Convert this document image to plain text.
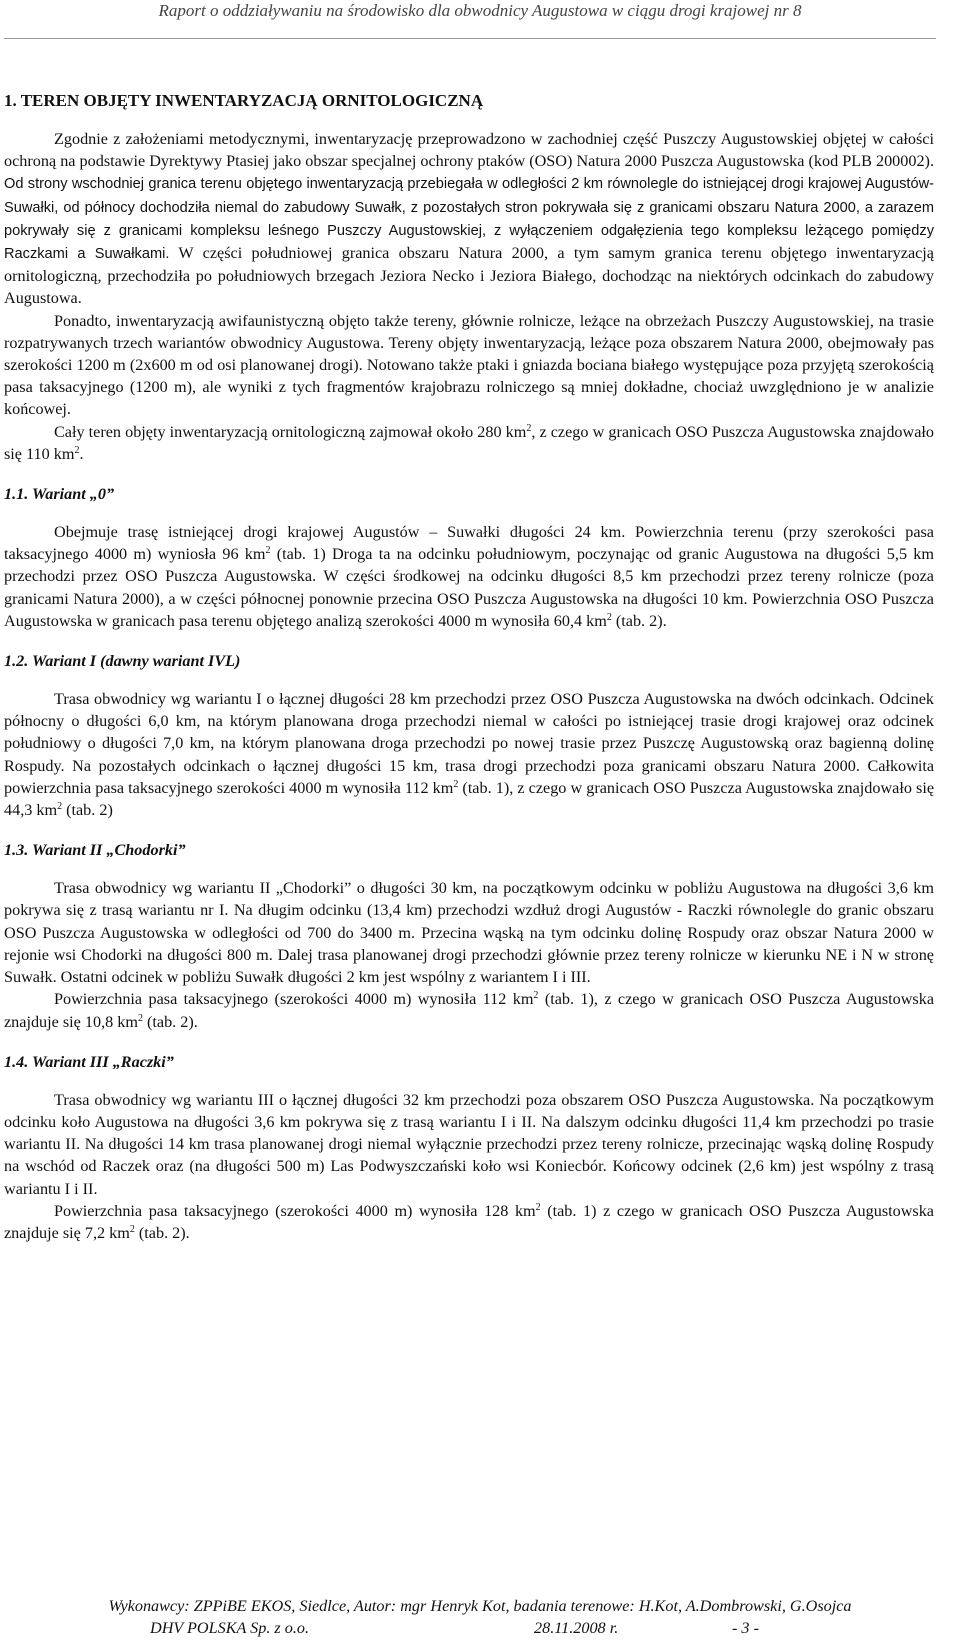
Raport o oddziaływaniu na środowisko dla obwodnicy Augustowa w ciągu drogi krajowej nr 8
1. TEREN OBJĘTY INWENTARYZACJĄ ORNITOLOGICZNĄ

Zgodnie z założeniami metodycznymi, inwentaryzację przeprowadzono w zachodniej część Puszczy Augustowskiej objętej w całości ochroną na podstawie Dyrektywy Ptasiej jako obszar specjalnej ochrony ptaków (OSO) Natura 2000 Puszcza Augustowska (kod PLB 200002). Od strony wschodniej granica terenu objętego inwentaryzacją przebiegała w odległości 2 km równolegle do istniejącej drogi krajowej Augustów-Suwałki, od północy dochodziła niemal do zabudowy Suwałk, z pozostałych stron pokrywała się z granicami obszaru Natura 2000, a zarazem pokrywały się z granicami kompleksu leśnego Puszczy Augustowskiej, z wyłączeniem odgałęzienia tego kompleksu leżącego pomiędzy Raczkami a Suwałkami. W części południowej granica obszaru Natura 2000, a tym samym granica terenu objętego inwentaryzacją ornitologiczną, przechodziła po południowych brzegach Jeziora Necko i Jeziora Białego, dochodząc na niektórych odcinkach do zabudowy Augustowa.

Ponadto, inwentaryzacją awifaunistyczną objęto także tereny, głównie rolnicze, leżące na obrzeżach Puszczy Augustowskiej, na trasie rozpatrywanych trzech wariantów obwodnicy Augustowa. Tereny objęty inwentaryzacją, leżące poza obszarem Natura 2000, obejmowały pas szerokości 1200 m (2x600 m od osi planowanej drogi). Notowano także ptaki i gniazda bociana białego występujące poza przyjętą szerokością pasa taksacyjnego (1200 m), ale wyniki z tych fragmentów krajobrazu rolniczego są mniej dokładne, chociaż uwzględniono je w analizie końcowej.

Cały teren objęty inwentaryzacją ornitologiczną zajmował około 280 $km^2$, z czego w granicach OSO Puszcza Augustowska znajdowało się 110 $km^2$.

1.1. Wariant „0”

Obejmuje trasę istniejącej drogi krajowej Augustów – Suwałki długości 24 km. Powierzchnia terenu (przy szerokości pasa taksacyjnego 4000 m) wyniosła 96 $km^2$ (tab. 1) Droga ta na odcinku południowym, poczynając od granic Augustowa na długości 5,5 km przechodzi przez OSO Puszcza Augustowska. W części środkowej na odcinku długości 8,5 km przechodzi przez tereny rolnicze (poza granicami Natura 2000), a w części północnej ponownie przecina OSO Puszcza Augustowska na długości 10 km. Powierzchnia OSO Puszcza Augustowska w granicach pasa terenu objętego analizą szerokości 4000 m wynosiła 60,4 $km^2$ (tab. 2).

1.2. Wariant I (dawny wariant IVL)

Trasa obwodnicy wg wariantu I o łącznej długości 28 km przechodzi przez OSO Puszcza Augustowska na dwóch odcinkach. Odcinek północny o długości 6,0 km, na którym planowana droga przechodzi niemal w całości po istniejącej trasie drogi krajowej oraz odcinek południowy o długości 7,0 km, na którym planowana droga przechodzi po nowej trasie przez Puszczę Augustowską oraz bagienną dolinę Rospudy. Na pozostałych odcinkach o łącznej długości 15 km, trasa drogi przechodzi poza granicami obszaru Natura 2000. Całkowita powierzchnia pasa taksacyjnego szerokości 4000 m wynosiła 112 $km^2$ (tab. 1), z czego w granicach OSO Puszcza Augustowska znajdowało się 44,3 $km^2$ (tab. 2)

1.3. Wariant II „Chodorki”

Trasa obwodnicy wg wariantu II „Chodorki” o długości 30 km, na początkowym odcinku w pobliżu Augustowa na długości 3,6 km pokrywa się z trasą wariantu nr I. Na długim odcinku (13,4 km) przechodzi wzdłuż drogi Augustów - Raczki równolegle do granic obszaru OSO Puszcza Augustowska w odległości od 700 do 3400 m. Przecina wąską na tym odcinku dolinę Rospudy oraz obszar Natura 2000 w rejonie wsi Chodorki na długości 800 m. Dalej trasa planowanej drogi przechodzi głównie przez tereny rolnicze w kierunku NE i N w stronę Suwałk. Ostatni odcinek w pobliżu Suwałk długości 2 km jest wspólny z wariantem I i III.

Powierzchnia pasa taksacyjnego (szerokości 4000 m) wynosiła 112 $km^2$ (tab. 1), z czego w granicach OSO Puszcza Augustowska znajduje się 10,8 $km^2$ (tab. 2).

1.4. Wariant III „Raczki”

Trasa obwodnicy wg wariantu III o łącznej długości 32 km przechodzi poza obszarem OSO Puszcza Augustowska. Na początkowym odcinku koło Augustowa na długości 3,6 km pokrywa się z trasą wariantu I i II. Na dalszym odcinku długości 11,4 km przechodzi po trasie wariantu II. Na długości 14 km trasa planowanej drogi niemal wyłącznie przechodzi przez tereny rolnicze, przecinając wąską dolinę Rospudy na wschód od Raczek oraz (na długości 500 m) Las Podwyszczański koło wsi Koniecbór. Końcowy odcinek (2,6 km) jest wspólny z trasą wariantu I i II.

Powierzchnia pasa taksacyjnego (szerokości 4000 m) wynosiła 128 $km^2$ (tab. 1) z czego w granicach OSO Puszcza Augustowska znajduje się 7,2 $km^2$ (tab. 2).

Wykonawcy: ZPPiBE EKOS, Siedlce, Autor: mgr Henryk Kot, badania terenowe: H.Kot, A.Dombrowski, G.Osojca
DHV POLSKA Sp. z o.o.	28.11.2008 r.	- 3 -
